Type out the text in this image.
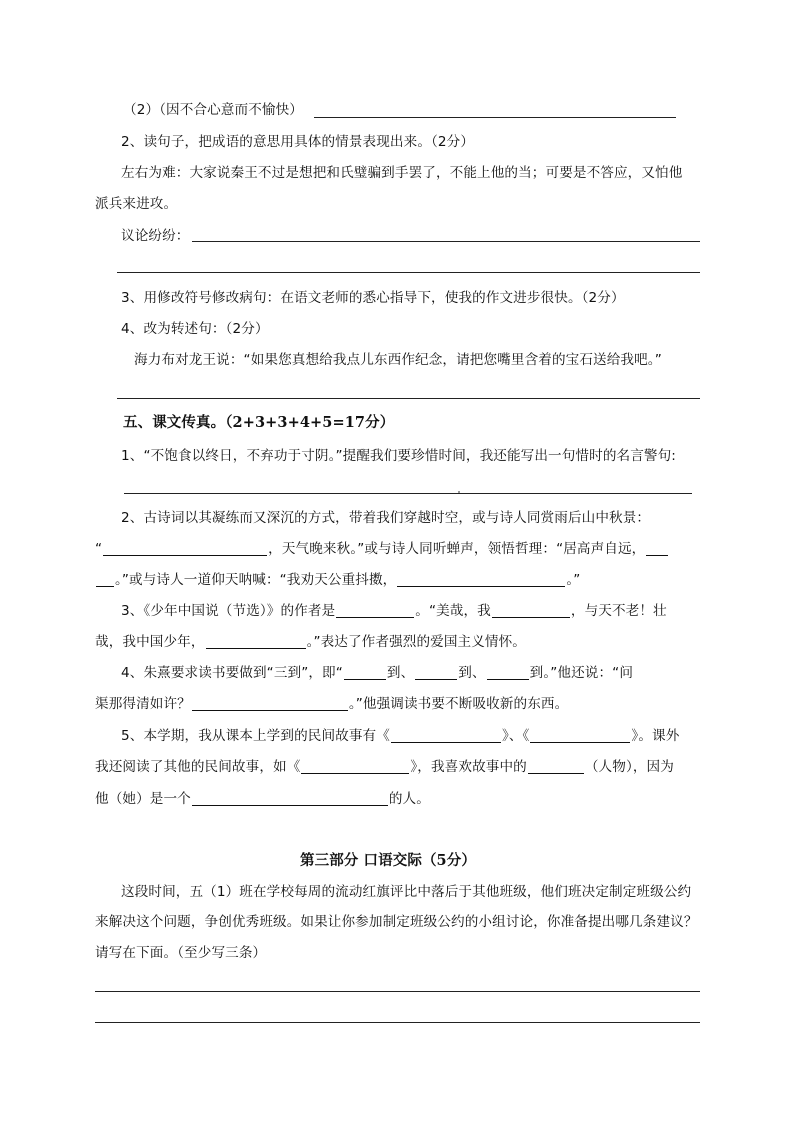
（2）（因不合心意而不愉快）
2、读句子，把成语的意思用具体的情景表现出来。（2分）
左右为难：大家说秦王不过是想把和氏璧骗到手罢了，不能上他的当；可要是不答应，又怕他
派兵来进攻。
议论纷纷：
3、用修改符号修改病句：在语文老师的悉心指导下，使我的作文进步很快。（2分）
4、改为转述句：（2分）
海力布对龙王说：“如果您真想给我点儿东西作纪念，请把您嘴里含着的宝石送给我吧。”
五、课文传真。（2+3+3+4+5=17分）
1、“不饱食以终日，不弃功于寸阴。”提醒我们要珍惜时间，我还能写出一句惜时的名言警句:
2、古诗词以其凝练而又深沉的方式，带着我们穿越时空，或与诗人同赏雨后山中秋景：
“	，天气晚来秋。”或与诗人同听蝉声，领悟哲理：“居高声自远，
。”或与诗人一道仰天呐喊：“我劝天公重抖擞，	。”
3、《少年中国说（节选）》的作者是	。“美哉，我	，与天不老！壮
哉，我中国少年，	。”表达了作者强烈的爱国主义情怀。
4、朱熹要求读书要做到“三到”，即“	到、	到、	到。”他还说：“问
渠那得清如许？	。”他强调读书要不断吸收新的东西。
5、本学期，我从课本上学到的民间故事有《	》、《	》。课外
我还阅读了其他的民间故事，如《	》，我喜欢故事中的	（人物），因为
他（她）是一个	的人。
第三部分 口语交际（5分）
这段时间，五（1）班在学校每周的流动红旗评比中落后于其他班级，他们班决定制定班级公约
来解决这个问题，争创优秀班级。如果让你参加制定班级公约的小组讨论，你准备提出哪几条建议？
请写在下面。（至少写三条）
